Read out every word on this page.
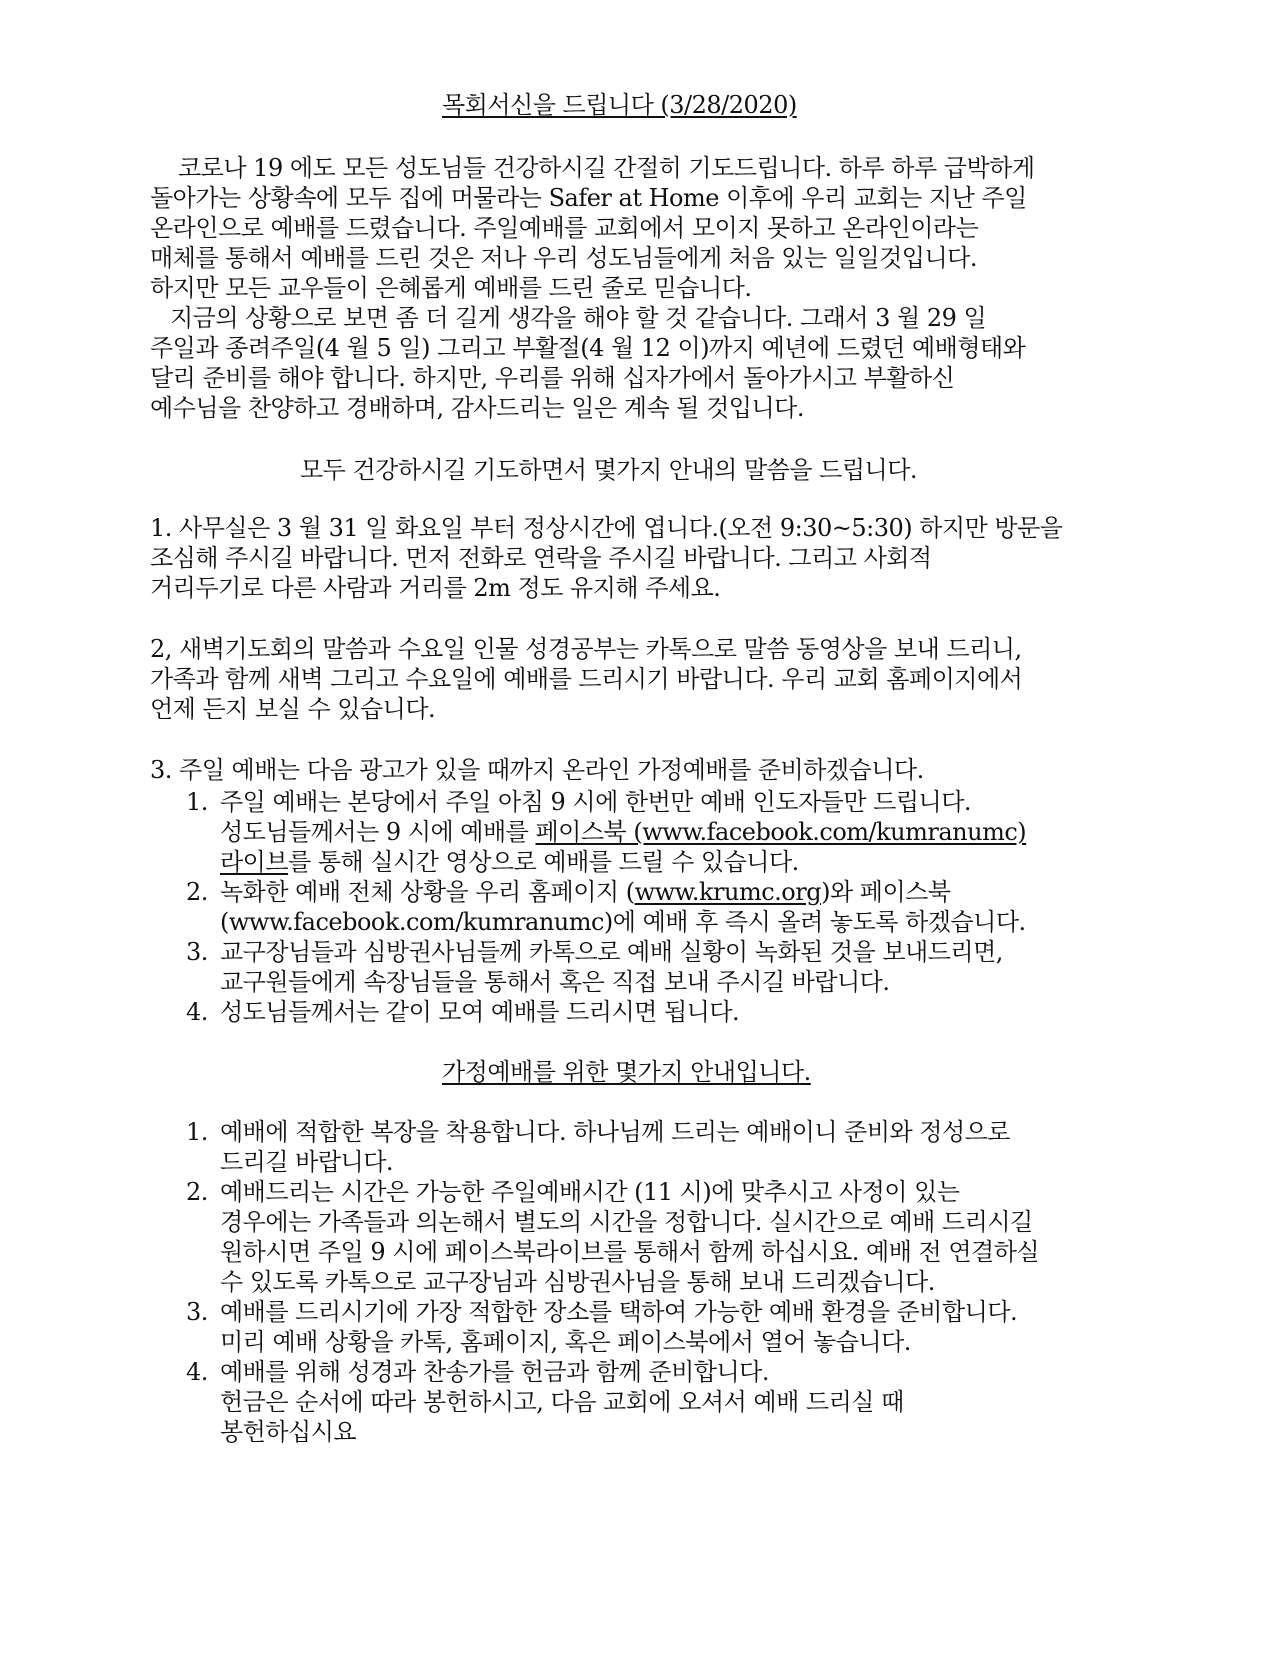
목회서신을 드립니다 (3/28/2020)
코로나 19 에도 모든 성도님들 건강하시길 간절히 기도드립니다. 하루 하루 급박하게
돌아가는 상황속에 모두 집에 머물라는 Safer at Home 이후에 우리 교회는 지난 주일
온라인으로 예배를 드렸습니다. 주일예배를 교회에서 모이지 못하고 온라인이라는
매체를 통해서 예배를 드린 것은 저나 우리 성도님들에게 처음 있는 일일것입니다.
하지만 모든 교우들이 은혜롭게 예배를 드린 줄로 믿습니다.
지금의 상황으로 보면 좀 더 길게 생각을 해야 할 것 같습니다. 그래서 3 월 29 일
주일과 종려주일(4 월 5 일) 그리고 부활절(4 월 12 이)까지 예년에 드렸던 예배형태와
달리 준비를 해야 합니다. 하지만, 우리를 위해 십자가에서 돌아가시고 부활하신
예수님을 찬양하고 경배하며, 감사드리는 일은 계속 될 것입니다.
모두 건강하시길 기도하면서 몇가지 안내의 말씀을 드립니다.
1. 사무실은 3 월 31 일 화요일 부터 정상시간에 엽니다.(오전 9:30~5:30) 하지만 방문을
조심해 주시길 바랍니다. 먼저 전화로 연락을 주시길 바랍니다. 그리고 사회적
거리두기로 다른 사람과 거리를 2m 정도 유지해 주세요.
2, 새벽기도회의 말씀과 수요일 인물 성경공부는 카톡으로 말씀 동영상을 보내 드리니,
가족과 함께 새벽 그리고 수요일에 예배를 드리시기 바랍니다. 우리 교회 홈페이지에서
언제 든지 보실 수 있습니다.
3. 주일 예배는 다음 광고가 있을 때까지 온라인 가정예배를 준비하겠습니다.
1. 주일 예배는 본당에서 주일 아침 9 시에 한번만 예배 인도자들만 드립니다.
성도님들께서는 9 시에 예배를 페이스북 (www.facebook.com/kumranumc)
라이브를 통해 실시간 영상으로 예배를 드릴 수 있습니다.
2. 녹화한 예배 전체 상황을 우리 홈페이지 (www.krumc.org)와 페이스북
(www.facebook.com/kumranumc)에 예배 후 즉시 올려 놓도록 하겠습니다.
3. 교구장님들과 심방권사님들께 카톡으로 예배 실황이 녹화된 것을 보내드리면,
교구원들에게 속장님들을 통해서 혹은 직접 보내 주시길 바랍니다.
4. 성도님들께서는 같이 모여 예배를 드리시면 됩니다.
가정예배를 위한 몇가지 안내입니다.
1. 예배에 적합한 복장을 착용합니다. 하나님께 드리는 예배이니 준비와 정성으로
드리길 바랍니다.
2. 예배드리는 시간은 가능한 주일예배시간 (11 시)에 맞추시고 사정이 있는
경우에는 가족들과 의논해서 별도의 시간을 정합니다. 실시간으로 예배 드리시길
원하시면 주일 9 시에 페이스북라이브를 통해서 함께 하십시요. 예배 전 연결하실
수 있도록 카톡으로 교구장님과 심방권사님을 통해 보내 드리겠습니다.
3. 예배를 드리시기에 가장 적합한 장소를 택하여 가능한 예배 환경을 준비합니다.
미리 예배 상황을 카톡, 홈페이지, 혹은 페이스북에서 열어 놓습니다.
4. 예배를 위해 성경과 찬송가를 헌금과 함께 준비합니다.
헌금은 순서에 따라 봉헌하시고, 다음 교회에 오셔서 예배 드리실 때
봉헌하십시요
